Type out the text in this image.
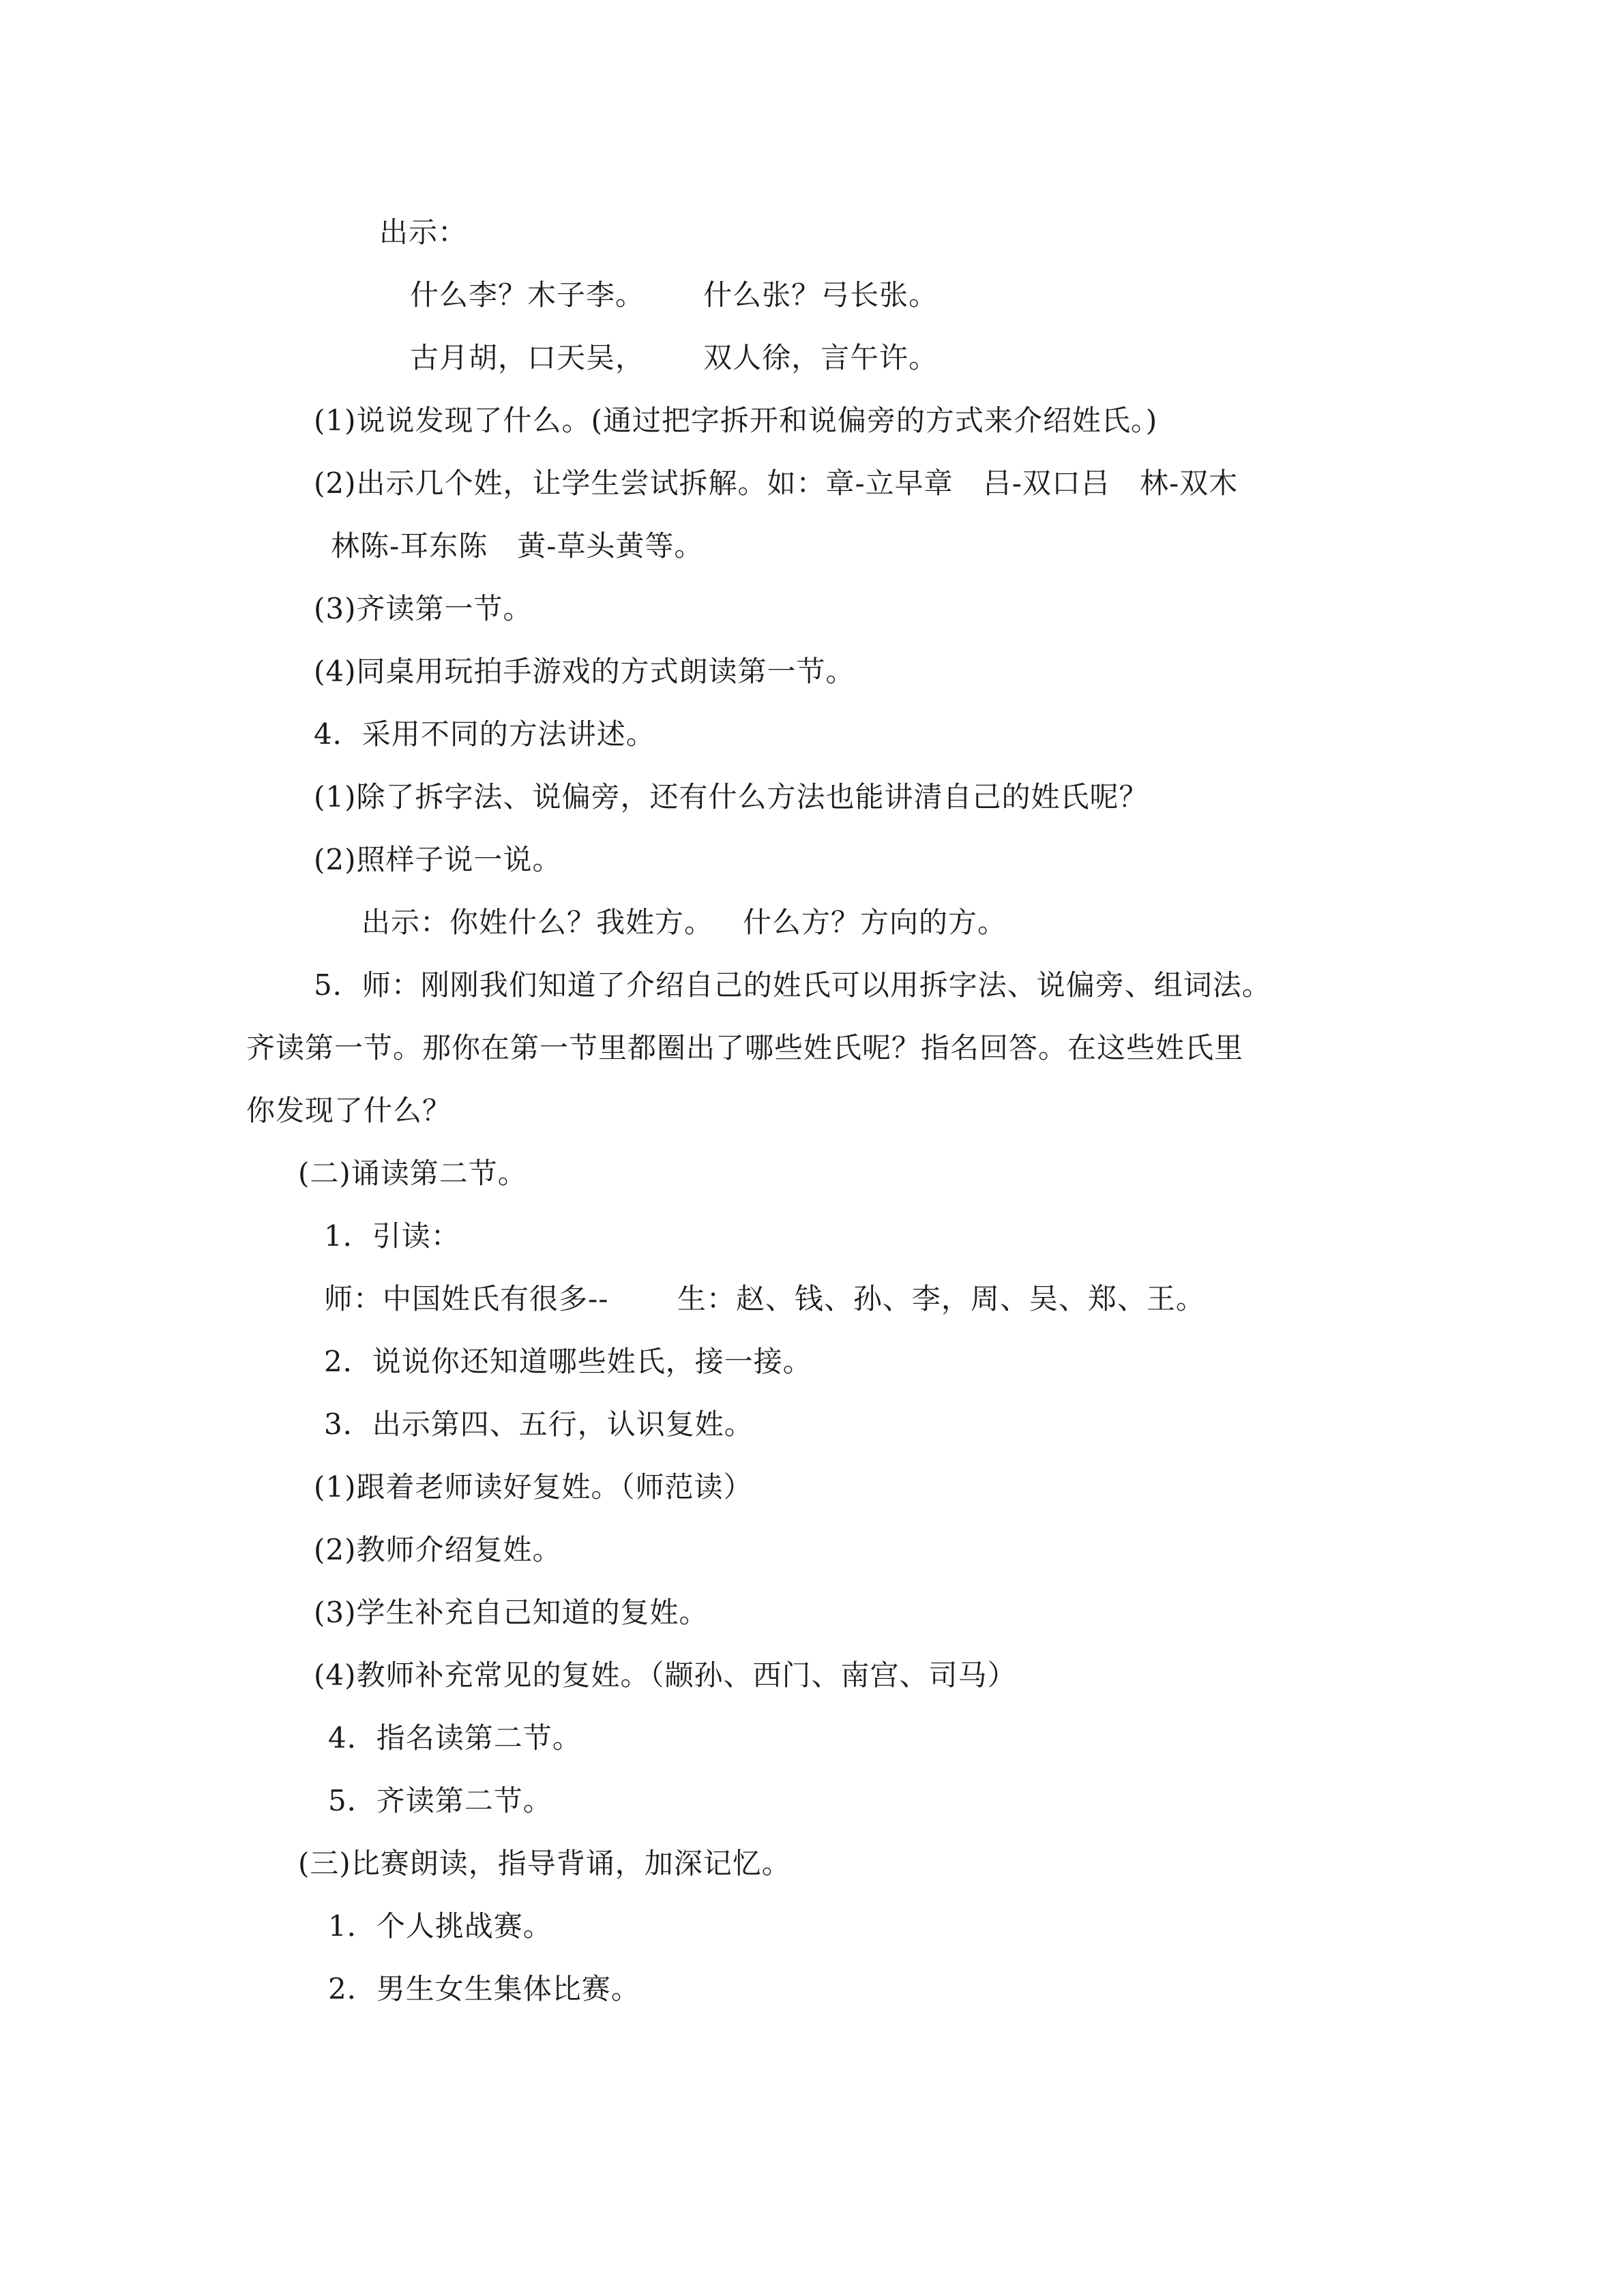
出示：
什么李？木子李。      什么张？弓长张。
古月胡，口天吴，      双人徐，言午许。
(1)说说发现了什么。(通过把字拆开和说偏旁的方式来介绍姓氏。)
(2)出示几个姓，让学生尝试拆解。如：章-立早章   吕-双口吕   林-双木
林陈-耳东陈   黄-草头黄等。
(3)齐读第一节。
(4)同桌用玩拍手游戏的方式朗读第一节。
4．采用不同的方法讲述。
(1)除了拆字法、说偏旁，还有什么方法也能讲清自己的姓氏呢？
(2)照样子说一说。
出示：你姓什么？我姓方。   什么方？方向的方。
5．师：刚刚我们知道了介绍自己的姓氏可以用拆字法、说偏旁、组词法。
齐读第一节。那你在第一节里都圈出了哪些姓氏呢？指名回答。在这些姓氏里
你发现了什么？
(二)诵读第二节。
1．引读：
师：中国姓氏有很多--       生：赵、钱、孙、李，周、吴、郑、王。
2．说说你还知道哪些姓氏，接一接。
3．出示第四、五行，认识复姓。
(1)跟着老师读好复姓。（师范读）
(2)教师介绍复姓。
(3)学生补充自己知道的复姓。
(4)教师补充常见的复姓。（颛孙、西门、南宫、司马）
4．指名读第二节。
5．齐读第二节。
(三)比赛朗读，指导背诵，加深记忆。
1．个人挑战赛。
2．男生女生集体比赛。
